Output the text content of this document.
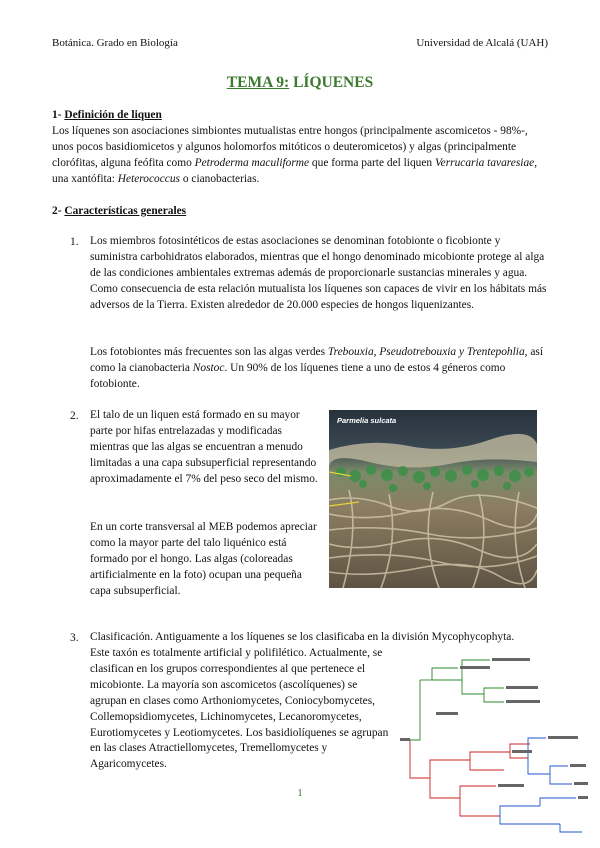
Botánica. Grado en Biología	Universidad de Alcalá (UAH)
TEMA 9: LÍQUENES
1- Definición de liquen
Los líquenes son asociaciones simbiontes mutualistas entre hongos (principalmente ascomicetos - 98%-, unos pocos basidiomicetos y algunos holomorfos mitóticos o deuteromicetos) y algas (principalmente clorófitas, alguna feófita como Petroderma maculiforme que forma parte del liquen Verrucaria tavaresiae, una xantófita: Heterococcus o cianobacterias.
2- Características generales
1. Los miembros fotosintéticos de estas asociaciones se denominan fotobionte o ficobionte y suministra carbohidratos elaborados, mientras que el hongo denominado micobionte protege al alga de las condiciones ambientales extremas además de proporcionarle sustancias minerales y agua. Como consecuencia de esta relación mutualista los líquenes son capaces de vivir en los hábitats más adversos de la Tierra. Existen alrededor de 20.000 especies de hongos liquenizantes.
Los fotobiontes más frecuentes son las algas verdes Trebouxia, Pseudotrebouxia y Trentepohlia, así como la cianobacteria Nostoc. Un 90% de los líquenes tiene a uno de estos 4 géneros como fotobionte.
2. El talo de un liquen está formado en su mayor parte por hifas entrelazadas y modificadas mientras que las algas se encuentran a menudo limitadas a una capa subsuperficial representando aproximadamente el 7% del peso seco del mismo.
En un corte transversal al MEB podemos apreciar como la mayor parte del talo liquénico está formado por el hongo. Las algas (coloreadas artificialmente en la foto) ocupan una pequeña capa subsuperficial.
Parmelia sulcata
3. Clasificación. Antiguamente a los líquenes se los clasificaba en la división Mycophycophyta.
Este taxón es totalmente artificial y polifilético. Actualmente, se clasifican en los grupos correspondientes al que pertenece el micobionte. La mayoría son ascomicetos (ascolíquenes) se agrupan en clases como Arthoniomycetes, Coniocybomycetes, Collemopsidiomycetes, Lichinomycetes, Lecanoromycetes, Eurotiomycetes y Leotiomycetes. Los basidiolíquenes se agrupan en las clases Atractiellomycetes, Tremellomycetes y Agaricomycetes.
1
